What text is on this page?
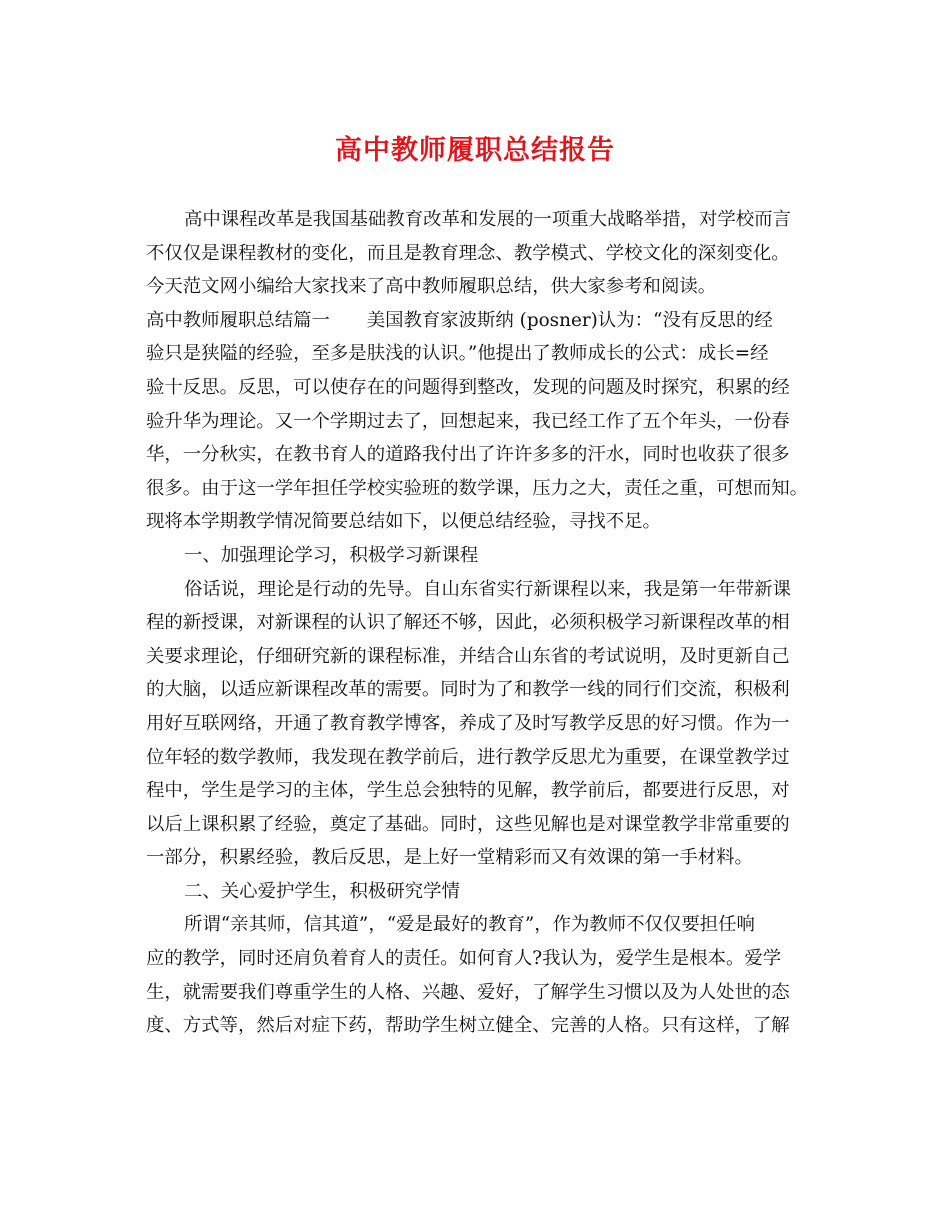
高中教师履职总结报告
高中课程改革是我国基础教育改革和发展的一项重大战略举措，对学校而言
不仅仅是课程教材的变化，而且是教育理念、教学模式、学校文化的深刻变化。
今天范文网小编给大家找来了高中教师履职总结，供大家参考和阅读。
高中教师履职总结篇一　　美国教育家波斯纳 (posner)认为：“没有反思的经
验只是狭隘的经验，至多是肤浅的认识。”他提出了教师成长的公式：成长=经
验十反思。反思，可以使存在的问题得到整改，发现的问题及时探究，积累的经
验升华为理论。又一个学期过去了，回想起来，我已经工作了五个年头，一份春
华，一分秋实，在教书育人的道路我付出了许许多多的汗水，同时也收获了很多
很多。由于这一学年担任学校实验班的数学课，压力之大，责任之重，可想而知。
现将本学期教学情况简要总结如下，以便总结经验，寻找不足。
一、加强理论学习，积极学习新课程
俗话说，理论是行动的先导。自山东省实行新课程以来，我是第一年带新课
程的新授课，对新课程的认识了解还不够，因此，必须积极学习新课程改革的相
关要求理论，仔细研究新的课程标准，并结合山东省的考试说明，及时更新自己
的大脑，以适应新课程改革的需要。同时为了和教学一线的同行们交流，积极利
用好互联网络，开通了教育教学博客，养成了及时写教学反思的好习惯。作为一
位年轻的数学教师，我发现在教学前后，进行教学反思尤为重要，在课堂教学过
程中，学生是学习的主体，学生总会独特的见解，教学前后，都要进行反思，对
以后上课积累了经验，奠定了基础。同时，这些见解也是对课堂教学非常重要的
一部分，积累经验，教后反思，是上好一堂精彩而又有效课的第一手材料。
二、关心爱护学生，积极研究学情
所谓“亲其师，信其道”，“爱是最好的教育”，作为教师不仅仅要担任响
应的教学，同时还肩负着育人的责任。如何育人?我认为，爱学生是根本。爱学
生，就需要我们尊重学生的人格、兴趣、爱好，了解学生习惯以及为人处世的态
度、方式等，然后对症下药，帮助学生树立健全、完善的人格。只有这样，了解
